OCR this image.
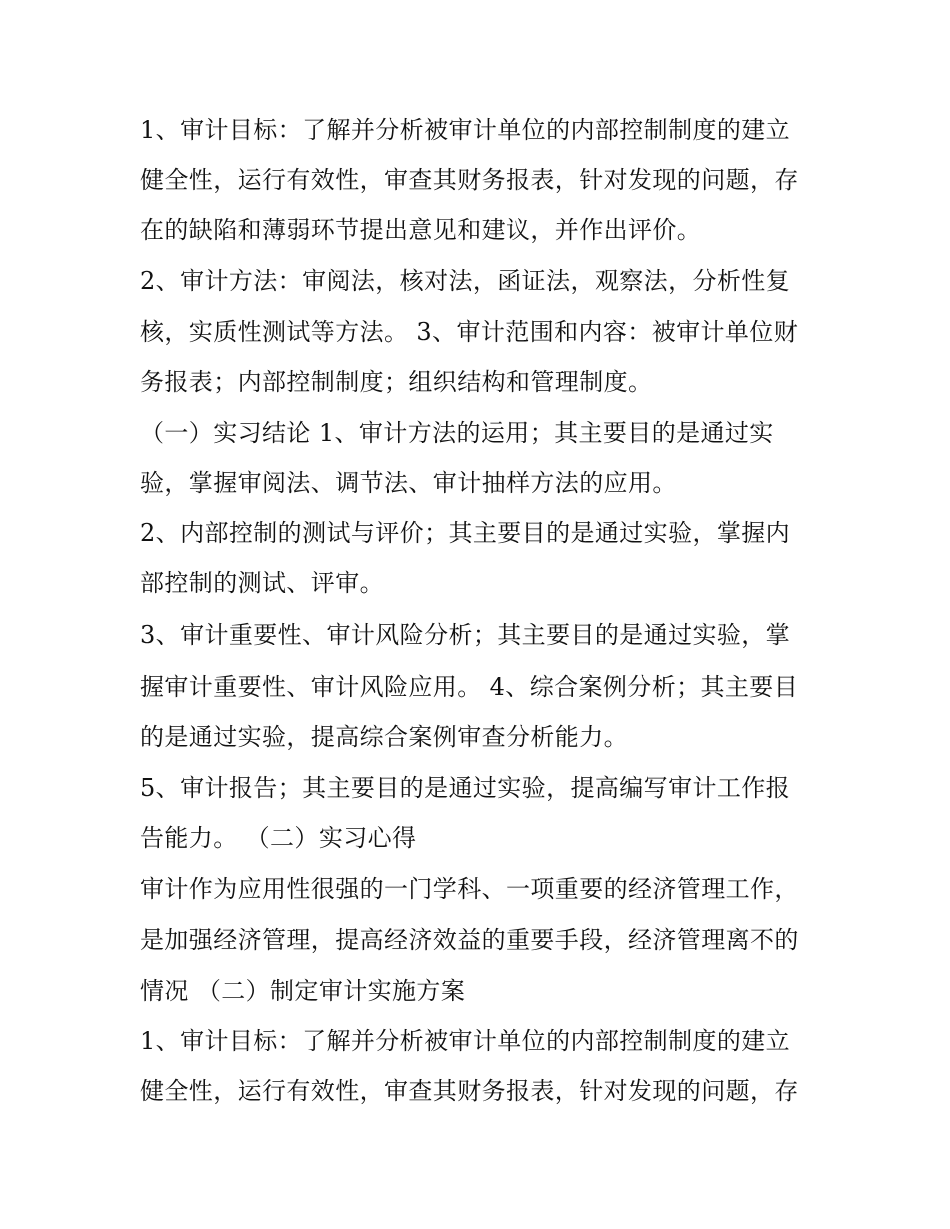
1、审计目标：了解并分析被审计单位的内部控制制度的建立
健全性，运行有效性，审查其财务报表，针对发现的问题，存
在的缺陷和薄弱环节提出意见和建议，并作出评价。
2、审计方法：审阅法，核对法，函证法，观察法，分析性复
核，实质性测试等方法。 3、审计范围和内容：被审计单位财
务报表；内部控制制度；组织结构和管理制度。
（一）实习结论 1、审计方法的运用；其主要目的是通过实
验，掌握审阅法、调节法、审计抽样方法的应用。
2、内部控制的测试与评价；其主要目的是通过实验，掌握内
部控制的测试、评审。
3、审计重要性、审计风险分析；其主要目的是通过实验，掌
握审计重要性、审计风险应用。 4、综合案例分析；其主要目
的是通过实验，提高综合案例审查分析能力。
5、审计报告；其主要目的是通过实验，提高编写审计工作报
告能力。 （二）实习心得
审计作为应用性很强的一门学科、一项重要的经济管理工作，
是加强经济管理，提高经济效益的重要手段，经济管理离不的
情况 （二）制定审计实施方案
1、审计目标：了解并分析被审计单位的内部控制制度的建立
健全性，运行有效性，审查其财务报表，针对发现的问题，存
